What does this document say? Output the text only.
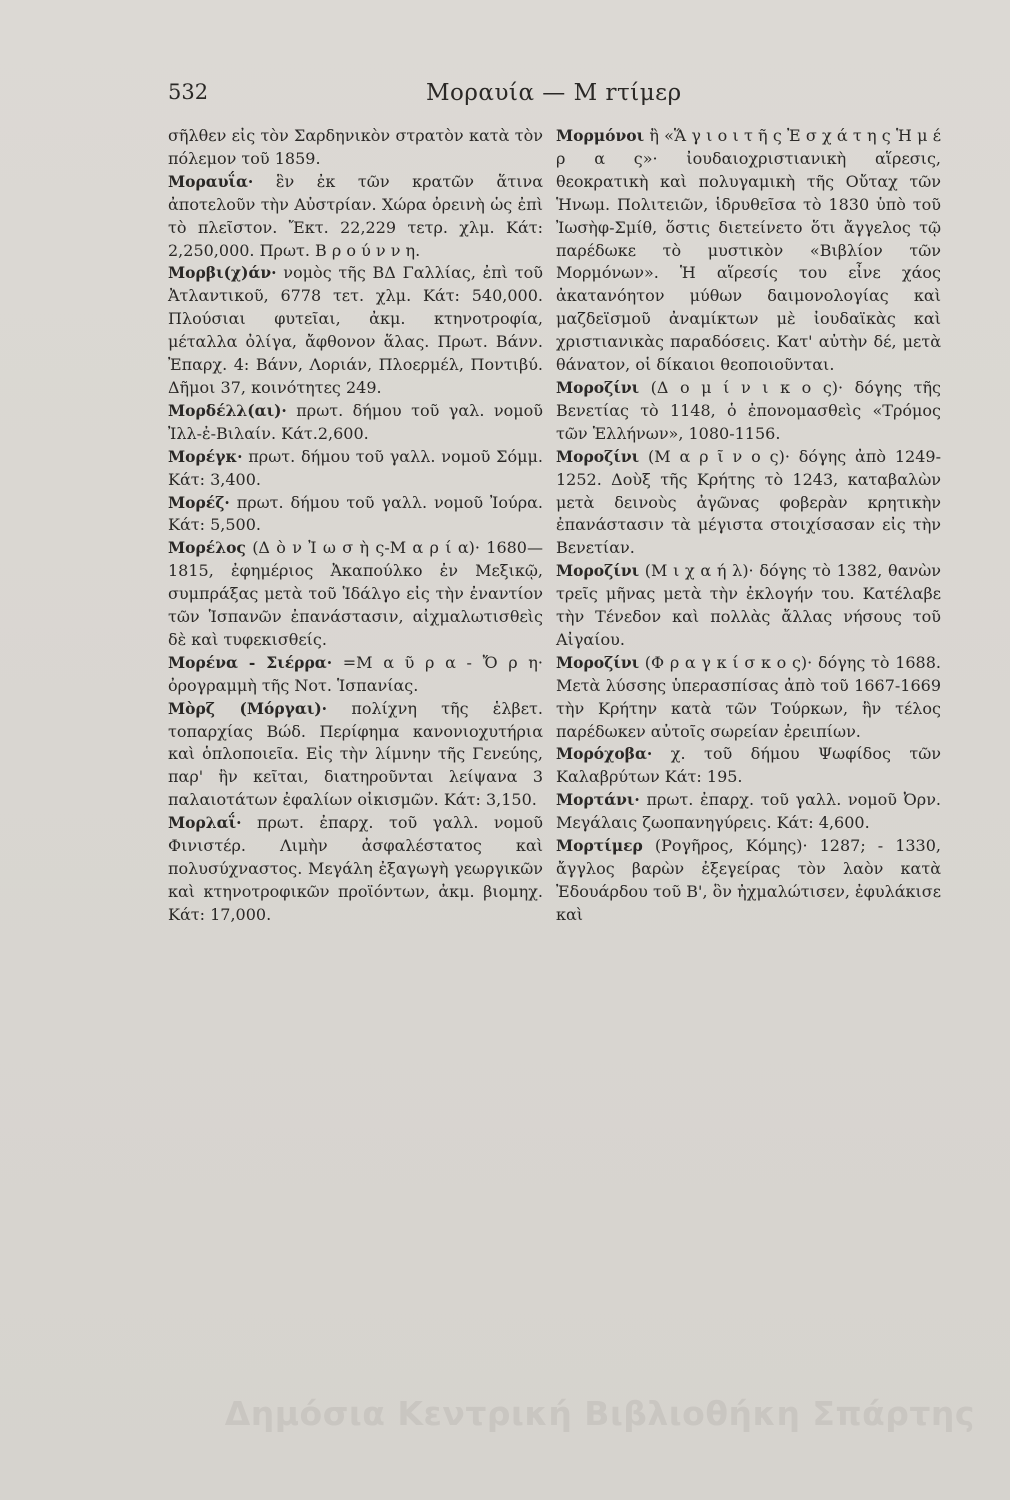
532	Μοραυία — Μ rτίμερ

σῆλθεν εἰς τὸν Σαρδηνικὸν στρατὸν κατὰ τὸν πόλεμον τοῦ 1859.

Μοραυΐα· ἓν ἐκ τῶν κρατῶν ἅτινα ἀποτελοῦν τὴν Αὐστρίαν. Χώρα ὀρεινὴ ὡς ἐπὶ τὸ πλεῖστον. Ἔκτ. 22,229 τετρ. χλμ. Κάτ: 2,250,000. Πρωτ. Β ρ ο ύ ν ν η.

Μορβι(χ)άν· νομὸς τῆς ΒΔ Γαλλίας, ἐπὶ τοῦ Ἀτλαντικοῦ, 6778 τετ. χλμ. Κάτ: 540,000. Πλούσιαι φυτεῖαι, ἀκμ. κτηνοτροφία, μέταλλα ὀλίγα, ἄφθονον ἅλας. Πρωτ. Βάνν. Ἐπαρχ. 4: Βάνν, Λοριάν, Πλοερμέλ, Ποντιβύ. Δῆμοι 37, κοινότητες 249.

Μορδέλλ(αι)· πρωτ. δήμου τοῦ γαλ. νομοῦ Ἰλλ-ἐ-Βιλαίν. Κάτ.2,600.

Μορέγκ· πρωτ. δήμου τοῦ γαλλ. νομοῦ Σόμμ. Κάτ: 3,400.

Μορέζ· πρωτ. δήμου τοῦ γαλλ. νομοῦ Ἰούρα. Κάτ: 5,500.

Μορέλος (Δ ὸ ν Ἰ ω σ ὴ ς-Μ α ρ ί α)· 1680—1815, ἐφημέριος Ἀκαπούλκο ἐν Μεξικῷ, συμπράξας μετὰ τοῦ Ἱδάλγο εἰς τὴν ἐναντίον τῶν Ἱσπανῶν ἐπανάστασιν, αἰχμαλωτισθεὶς δὲ καὶ τυφεκισθείς.

Μορένα - Σιέρρα· =Μ α ῦ ρ α - Ὄ ρ η· ὀρογραμμὴ τῆς Νοτ. Ἱσπανίας.

Μὸρζ (Μόργαι)· πολίχνη τῆς ἑλβετ. τοπαρχίας Βώδ. Περίφημα κανονιοχυτήρια καὶ ὁπλοποιεῖα. Εἰς τὴν λίμνην τῆς Γενεύης, παρ' ἣν κεῖται, διατηροῦνται λείψανα 3 παλαιοτάτων ἐφαλίων οἰκισμῶν. Κάτ: 3,150.

Μορλαΐ· πρωτ. ἐπαρχ. τοῦ γαλλ. νομοῦ Φινιστέρ. Λιμὴν ἀσφαλέστατος καὶ πολυσύχναστος. Μεγάλη ἐξαγωγὴ γεωργικῶν καὶ κτηνοτροφικῶν προϊόντων, ἀκμ. βιομηχ. Κάτ: 17,000.

Μορμόνοι ἢ «Ἅ γ ι ο ι τ ῆ ς Ἐ σ χ ά τ η ς Ἡ μ έ ρ α ς»· ἰουδαιοχριστιανικὴ αἵρεσις, θεοκρατικὴ καὶ πολυγαμικὴ τῆς Οὔταχ τῶν Ἡνωμ. Πολιτειῶν, ἱδρυθεῖσα τὸ 1830 ὑπὸ τοῦ Ἰωσὴφ-Σμίθ, ὅστις διετείνετο ὅτι ἄγγελος τῷ παρέδωκε τὸ μυστικὸν «Βιβλίον τῶν Μορμόνων». Ἡ αἵρεσίς του εἶνε χάος ἀκατανόητον μύθων δαιμονολογίας καὶ μαζδεϊσμοῦ ἀναμίκτων μὲ ἰουδαϊκὰς καὶ χριστιανικὰς παραδόσεις. Κατ' αὐτὴν δέ, μετὰ θάνατον, οἱ δίκαιοι θεοποιοῦνται.

Μοροζίνι (Δ ο μ ί ν ι κ ο ς)· δόγης τῆς Βενετίας τὸ 1148, ὁ ἐπονομασθεὶς «Τρόμος τῶν Ἑλλήνων», 1080-1156.

Μοροζίνι (Μ α ρ ῖ ν ο ς)· δόγης ἀπὸ 1249-1252. Δοὺξ τῆς Κρήτης τὸ 1243, καταβαλὼν μετὰ δεινοὺς ἀγῶνας φοβερὰν κρητικὴν ἐπανάστασιν τὰ μέγιστα στοιχίσασαν εἰς τὴν Βενετίαν.

Μοροζίνι (Μ ι χ α ή λ)· δόγης τὸ 1382, θανὼν τρεῖς μῆνας μετὰ τὴν ἐκλογήν του. Κατέλαβε τὴν Τένεδον καὶ πολλὰς ἄλλας νήσους τοῦ Αἰγαίου.

Μοροζίνι (Φ ρ α γ κ ί σ κ ο ς)· δόγης τὸ 1688. Μετὰ λύσσης ὑπερασπίσας ἀπὸ τοῦ 1667-1669 τὴν Κρήτην κατὰ τῶν Τούρκων, ἣν τέλος παρέδωκεν αὐτοῖς σωρείαν ἐρειπίων.

Μορόχοβα· χ. τοῦ δήμου Ψωφίδος τῶν Καλαβρύτων Κάτ: 195.

Μορτάνι· πρωτ. ἐπαρχ. τοῦ γαλλ. νομοῦ Ὀρν. Μεγάλαις ζωοπανηγύρεις. Κάτ: 4,600.

Μορτίμερ (Ρογῆρος, Κόμης)· 1287; - 1330, ἄγγλος βαρὼν ἐξεγείρας τὸν λαὸν κατὰ Ἐδουάρδου τοῦ Β', ὃν ἠχμαλώτισεν, ἐφυλάκισε καὶ

Δημόσια Κεντρική Βιβλιοθήκη Σπάρτης
